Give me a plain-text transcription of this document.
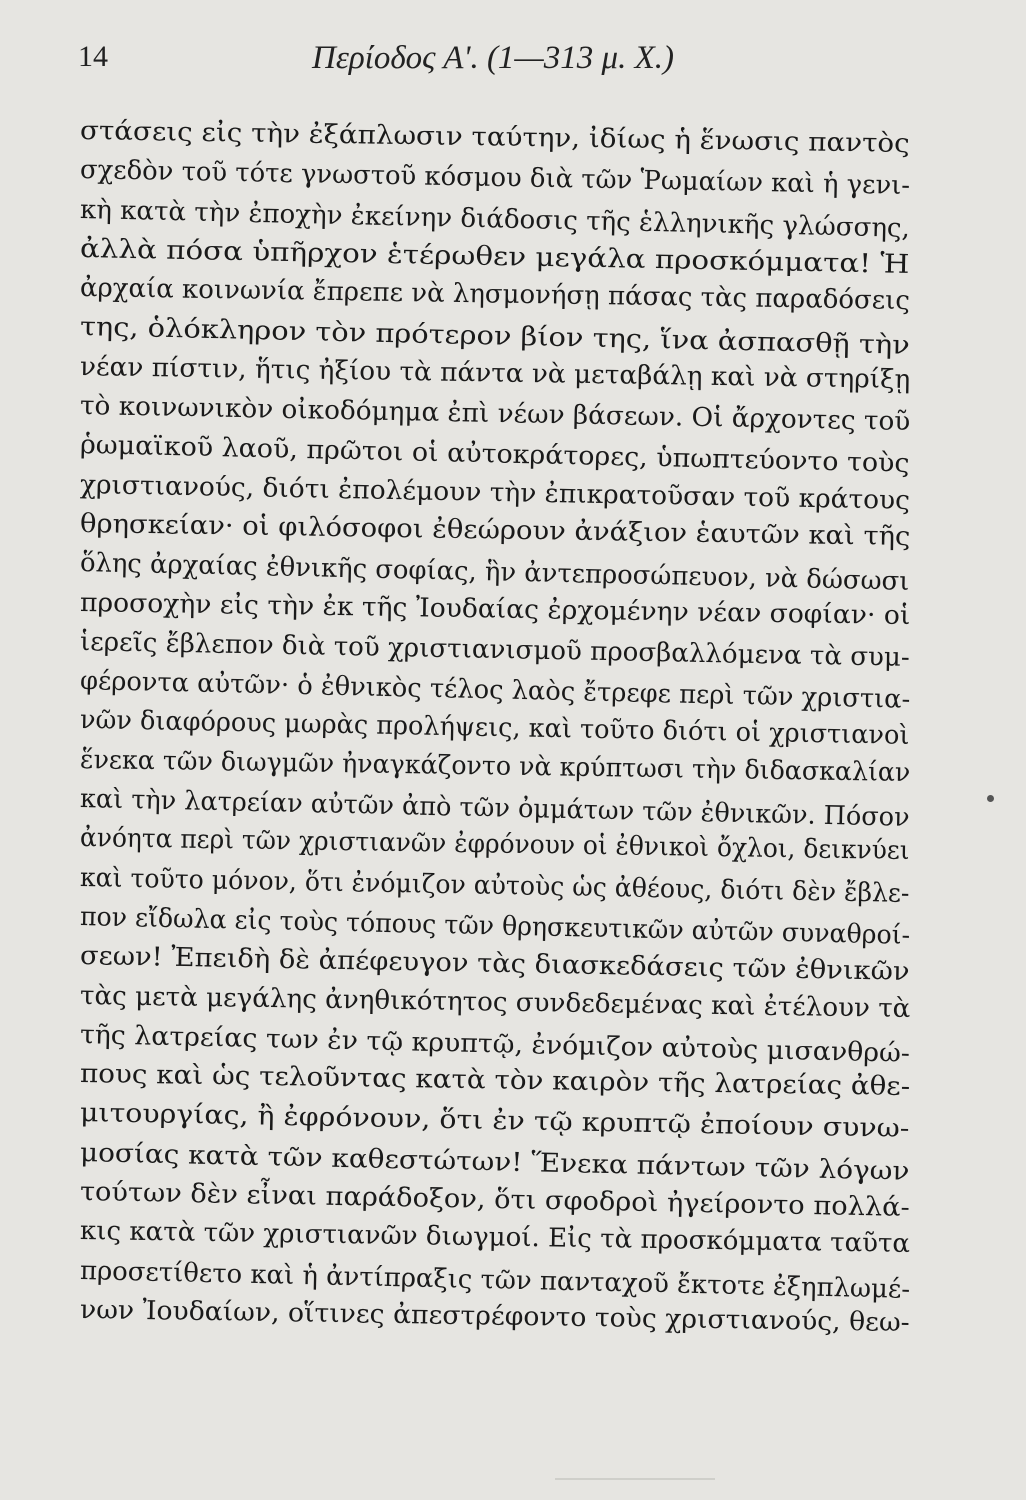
14	Περίοδος Α'. (1—313 μ. Χ.)
στάσεις εἰς τὴν ἐξάπλωσιν ταύτην, ἰδίως ἡ ἕνωσις παντὸς
σχεδὸν τοῦ τότε γνωστοῦ κόσμου διὰ τῶν Ῥωμαίων καὶ ἡ γενι-
κὴ κατὰ τὴν ἐποχὴν ἐκείνην διάδοσις τῆς ἑλληνικῆς γλώσσης,
ἀλλὰ πόσα ὑπῆρχον ἑτέρωθεν μεγάλα προσκόμματα! Ἡ
ἀρχαία κοινωνία ἔπρεπε νὰ λησμονήσῃ πάσας τὰς παραδόσεις
της, ὁλόκληρον τὸν πρότερον βίον της, ἵνα ἀσπασθῇ τὴν
νέαν πίστιν, ἥτις ἠξίου τὰ πάντα νὰ μεταβάλῃ καὶ νὰ στηρίξῃ
τὸ κοινωνικὸν οἰκοδόμημα ἐπὶ νέων βάσεων. Οἱ ἄρχοντες τοῦ
ῥωμαϊκοῦ λαοῦ, πρῶτοι οἱ αὐτοκράτορες, ὑπωπτεύοντο τοὺς
χριστιανούς, διότι ἐπολέμουν τὴν ἐπικρατοῦσαν τοῦ κράτους
θρησκείαν· οἱ φιλόσοφοι ἐθεώρουν ἀνάξιον ἑαυτῶν καὶ τῆς
ὅλης ἀρχαίας ἐθνικῆς σοφίας, ἣν ἀντεπροσώπευον, νὰ δώσωσι
προσοχὴν εἰς τὴν ἐκ τῆς Ἰουδαίας ἐρχομένην νέαν σοφίαν· οἱ
ἱερεῖς ἔβλεπον διὰ τοῦ χριστιανισμοῦ προσβαλλόμενα τὰ συμ-
φέροντα αὐτῶν· ὁ ἐθνικὸς τέλος λαὸς ἔτρεφε περὶ τῶν χριστια-
νῶν διαφόρους μωρὰς προλήψεις, καὶ τοῦτο διότι οἱ χριστιανοὶ
ἕνεκα τῶν διωγμῶν ἠναγκάζοντο νὰ κρύπτωσι τὴν διδασκαλίαν
καὶ τὴν λατρείαν αὐτῶν ἀπὸ τῶν ὀμμάτων τῶν ἐθνικῶν. Πόσον
ἀνόητα περὶ τῶν χριστιανῶν ἐφρόνουν οἱ ἐθνικοὶ ὄχλοι, δεικνύει
καὶ τοῦτο μόνον, ὅτι ἐνόμιζον αὐτοὺς ὡς ἀθέους, διότι δὲν ἔβλε-
πον εἴδωλα εἰς τοὺς τόπους τῶν θρησκευτικῶν αὐτῶν συναθροί-
σεων! Ἐπειδὴ δὲ ἀπέφευγον τὰς διασκεδάσεις τῶν ἐθνικῶν
τὰς μετὰ μεγάλης ἀνηθικότητος συνδεδεμένας καὶ ἐτέλουν τὰ
τῆς λατρείας των ἐν τῷ κρυπτῷ, ἐνόμιζον αὐτοὺς μισανθρώ-
πους καὶ ὡς τελοῦντας κατὰ τὸν καιρὸν τῆς λατρείας ἀθε-
μιτουργίας, ἢ ἐφρόνουν, ὅτι ἐν τῷ κρυπτῷ ἐποίουν συνω-
μοσίας κατὰ τῶν καθεστώτων! Ἕνεκα πάντων τῶν λόγων
τούτων δὲν εἶναι παράδοξον, ὅτι σφοδροὶ ἠγείροντο πολλά-
κις κατὰ τῶν χριστιανῶν διωγμοί. Εἰς τὰ προσκόμματα ταῦτα
προσετίθετο καὶ ἡ ἀντίπραξις τῶν πανταχοῦ ἔκτοτε ἐξηπλωμέ-
νων Ἰουδαίων, οἵτινες ἀπεστρέφοντο τοὺς χριστιανούς, θεω-
